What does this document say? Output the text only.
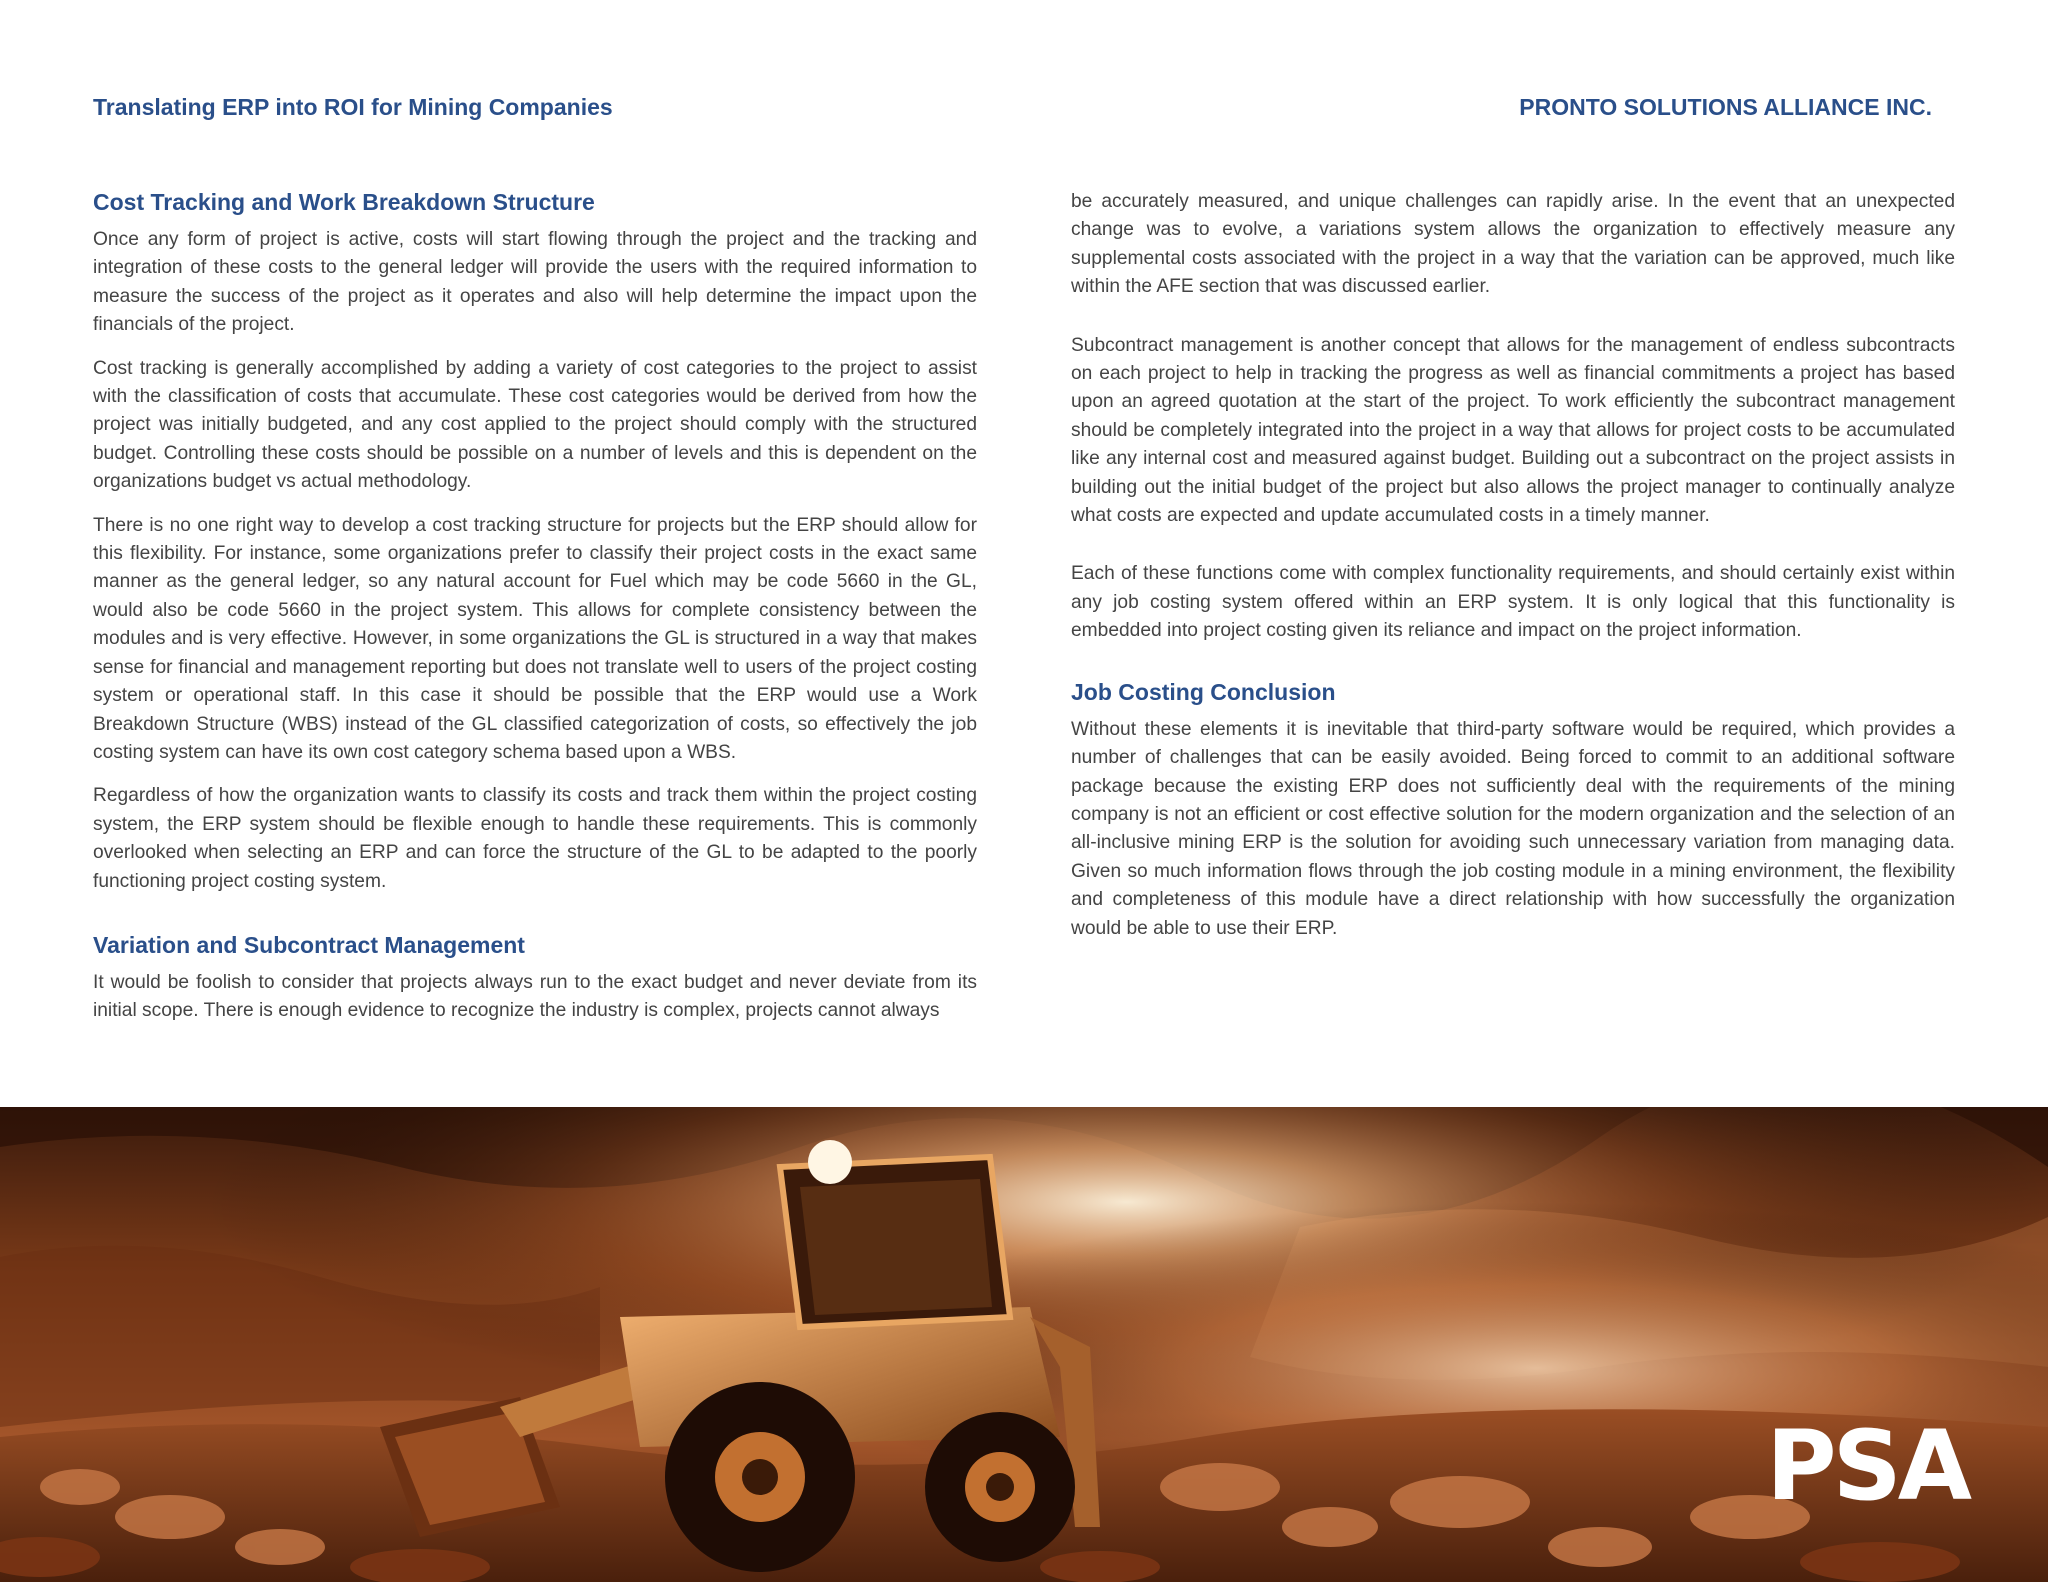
Translating ERP into ROI for Mining Companies	PRONTO SOLUTIONS ALLIANCE INC.
Cost Tracking and Work Breakdown Structure

Once any form of project is active, costs will start flowing through the project and the tracking and integration of these costs to the general ledger will provide the users with the required information to measure the success of the project as it operates and also will help determine the impact upon the financials of the project.

Cost tracking is generally accomplished by adding a variety of cost categories to the project to assist with the classification of costs that accumulate. These cost categories would be derived from how the project was initially budgeted, and any cost applied to the project should comply with the structured budget. Controlling these costs should be possible on a number of levels and this is dependent on the organizations budget vs actual methodology.

There is no one right way to develop a cost tracking structure for projects but the ERP should allow for this flexibility. For instance, some organizations prefer to classify their project costs in the exact same manner as the general ledger, so any natural account for Fuel which may be code 5660 in the GL, would also be code 5660 in the project system. This allows for complete consistency between the modules and is very effective. However, in some organizations the GL is structured in a way that makes sense for financial and management reporting but does not translate well to users of the project costing system or operational staff. In this case it should be possible that the ERP would use a Work Breakdown Structure (WBS) instead of the GL classified categorization of costs, so effectively the job costing system can have its own cost category schema based upon a WBS.

Regardless of how the organization wants to classify its costs and track them within the project costing system, the ERP system should be flexible enough to handle these requirements. This is commonly overlooked when selecting an ERP and can force the structure of the GL to be adapted to the poorly functioning project costing system.

Variation and Subcontract Management

It would be foolish to consider that projects always run to the exact budget and never deviate from its initial scope. There is enough evidence to recognize the industry is complex, projects cannot always

be accurately measured, and unique challenges can rapidly arise. In the event that an unexpected change was to evolve, a variations system allows the organization to effectively measure any supplemental costs associated with the project in a way that the variation can be approved, much like within the AFE section that was discussed earlier.

Subcontract management is another concept that allows for the management of endless subcontracts on each project to help in tracking the progress as well as financial commitments a project has based upon an agreed quotation at the start of the project. To work efficiently the subcontract management should be completely integrated into the project in a way that allows for project costs to be accumulated like any internal cost and measured against budget. Building out a subcontract on the project assists in building out the initial budget of the project but also allows the project manager to continually analyze what costs are expected and update accumulated costs in a timely manner.

Each of these functions come with complex functionality requirements, and should certainly exist within any job costing system offered within an ERP system. It is only logical that this functionality is embedded into project costing given its reliance and impact on the project information.

Job Costing Conclusion

Without these elements it is inevitable that third-party software would be required, which provides a number of challenges that can be easily avoided. Being forced to commit to an additional software package because the existing ERP does not sufficiently deal with the requirements of the mining company is not an efficient or cost effective solution for the modern organization and the selection of an all-inclusive mining ERP is the solution for avoiding such unnecessary variation from managing data. Given so much information flows through the job costing module in a mining environment, the flexibility and completeness of this module have a direct relationship with how successfully the organization would be able to use their ERP.

PSA
